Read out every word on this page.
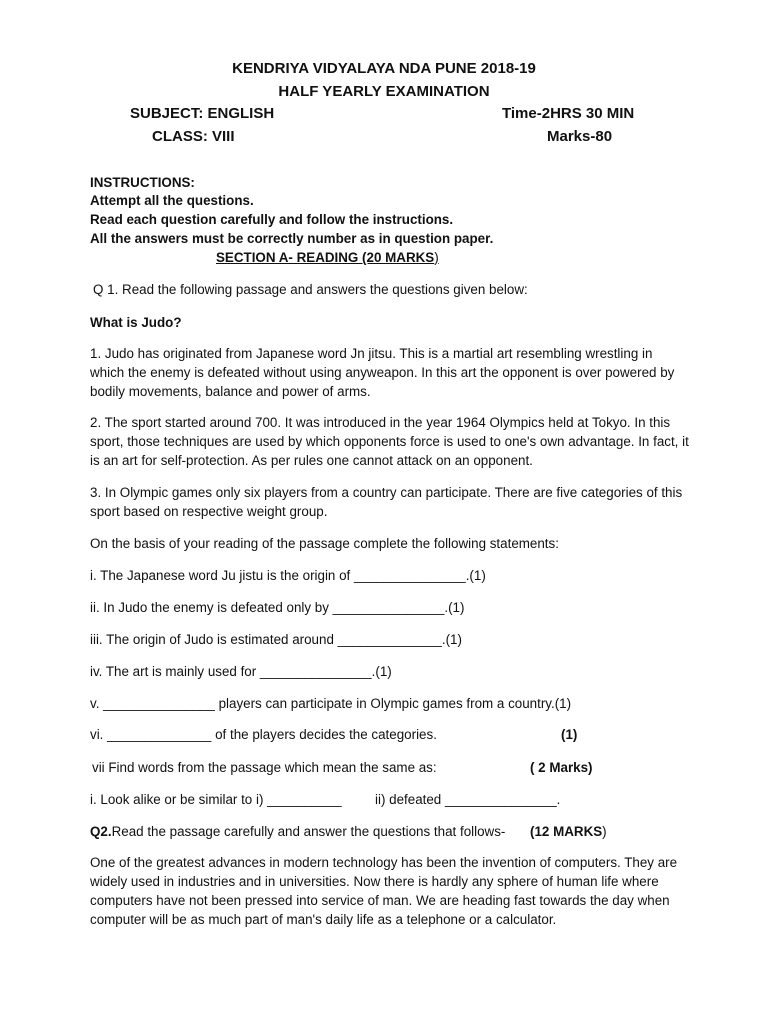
KENDRIYA VIDYALAYA NDA PUNE 2018-19
HALF YEARLY EXAMINATION
SUBJECT: ENGLISH	Time-2HRS 30 MIN
CLASS: VIII	Marks-80
INSTRUCTIONS:
Attempt all the questions.
Read each question carefully and follow the instructions.
All the answers must be correctly number as in question paper.
SECTION A- READING (20 MARKS)
Q 1. Read the following passage and answers the questions given below:
What is Judo?
1. Judo has originated from Japanese word Jn jitsu. This is a martial art resembling wrestling in which the enemy is defeated without using anyweapon. In this art the opponent is over powered by bodily movements, balance and power of arms.
2. The sport started around 700. It was introduced in the year 1964 Olympics held at Tokyo. In this sport, those techniques are used by which opponents force is used to one's own advantage. In fact, it is an art for self-protection. As per rules one cannot attack on an opponent.
3. In Olympic games only six players from a country can participate. There are five categories of this sport based on respective weight group.
On the basis of your reading of the passage complete the following statements:
i. The Japanese word Ju jistu is the origin of _______________.(1)
ii. In Judo the enemy is defeated only by _______________.(1)
iii. The origin of Judo is estimated around ______________.(1)
iv. The art is mainly used for _______________.(1)
v. _______________ players can participate in Olympic games from a country.(1)
vi. ______________ of the players decides the categories.	(1)
vii Find words from the passage which mean the same as:	( 2 Marks)
i. Look alike or be similar to i) __________ ii) defeated _______________.
Q2.Read the passage carefully and answer the questions that follows- (12 MARKS)
One of the greatest advances in modern technology has been the invention of computers. They are widely used in industries and in universities. Now there is hardly any sphere of human life where computers have not been pressed into service of man. We are heading fast towards the day when computer will be as much part of man's daily life as a telephone or a calculator.
